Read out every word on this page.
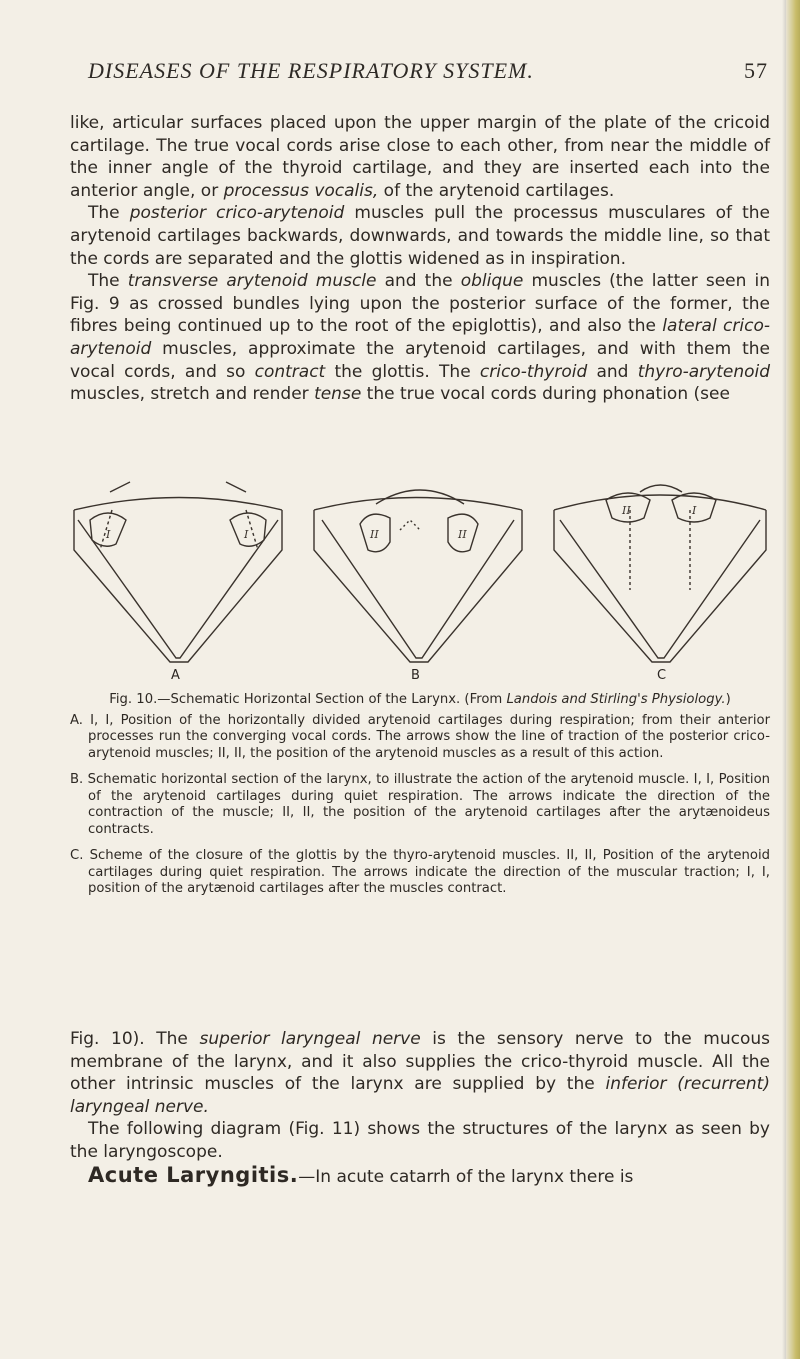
DISEASES OF THE RESPIRATORY SYSTEM.	57

like, articular surfaces placed upon the upper margin of the plate of the cricoid cartilage. The true vocal cords arise close to each other, from near the middle of the inner angle of the thyroid cartilage, and they are inserted each into the anterior angle, or processus vocalis, of the arytenoid cartilages.

The posterior crico-arytenoid muscles pull the processus musculares of the arytenoid cartilages backwards, downwards, and towards the middle line, so that the cords are separated and the glottis widened as in inspiration.

The transverse arytenoid muscle and the oblique muscles (the latter seen in Fig. 9 as crossed bundles lying upon the posterior surface of the former, the fibres being continued up to the root of the epiglottis), and also the lateral crico-arytenoid muscles, approximate the arytenoid cartilages, and with them the vocal cords, and so contract the glottis. The crico-thyroid and thyro-arytenoid muscles, stretch and render tense the true vocal cords during phonation (see

I	I	II	II
II	I
A	B	C

Fig. 10.—Schematic Horizontal Section of the Larynx. (From Landois and Stirling's Physiology.)

A. I, I, Position of the horizontally divided arytenoid cartilages during respiration; from their anterior processes run the converging vocal cords. The arrows show the line of traction of the posterior crico-arytenoid muscles; II, II, the position of the arytenoid muscles as a result of this action.

B. Schematic horizontal section of the larynx, to illustrate the action of the arytenoid muscle. I, I, Position of the arytenoid cartilages during quiet respiration. The arrows indicate the direction of the contraction of the muscle; II, II, the position of the arytenoid cartilages after the arytænoideus contracts.

C. Scheme of the closure of the glottis by the thyro-arytenoid muscles. II, II, Position of the arytenoid cartilages during quiet respiration. The arrows indicate the direction of the muscular traction; I, I, position of the arytænoid cartilages after the muscles contract.

Fig. 10). The superior laryngeal nerve is the sensory nerve to the mucous membrane of the larynx, and it also supplies the crico-thyroid muscle. All the other intrinsic muscles of the larynx are supplied by the inferior (recurrent) laryngeal nerve.

The following diagram (Fig. 11) shows the structures of the larynx as seen by the laryngoscope.

Acute Laryngitis.—In acute catarrh of the larynx there is
